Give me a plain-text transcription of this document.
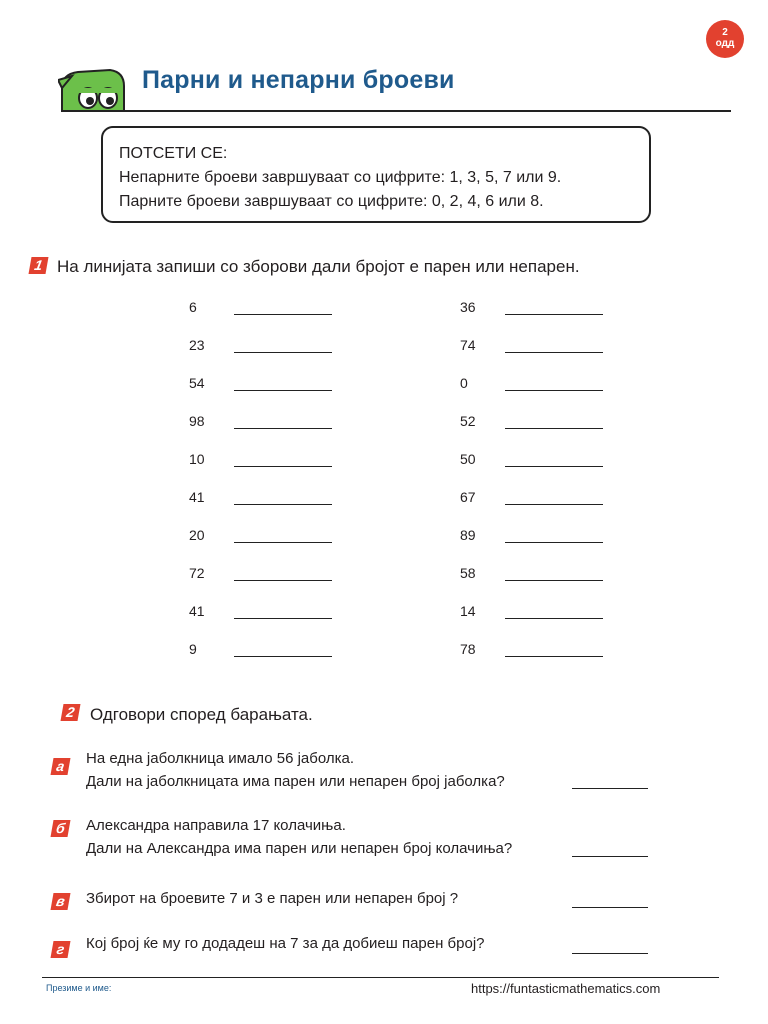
2
одд
Парни и непарни броеви
ПОТСЕТИ СЕ:
Непарните броеви завршуваат со цифрите: 1, 3, 5, 7 или 9.
Парните броеви завршуваат со цифрите: 0, 2, 4, 6 или 8.
1 На линијата запиши со зборови дали бројот е парен или непарен.
6
23
54
98
10
41
20
72
41
9
36
74
0
52
50
67
89
58
14
78
2 Одговори според барањата.
а	На една јаболкница имало 56 јаболка.
Дали на јаболкницата има парен или непарен број јаболка?
б Александра направила 17 колачиња.
Дали на Александра има парен или непарен број колачиња?
в Збирот на броевите 7 и 3 е парен или непарен број ?
г	Кој број ќе му го додадеш на 7 за да добиеш парен број?
Презиме и име:	https://funtasticmathematics.com
